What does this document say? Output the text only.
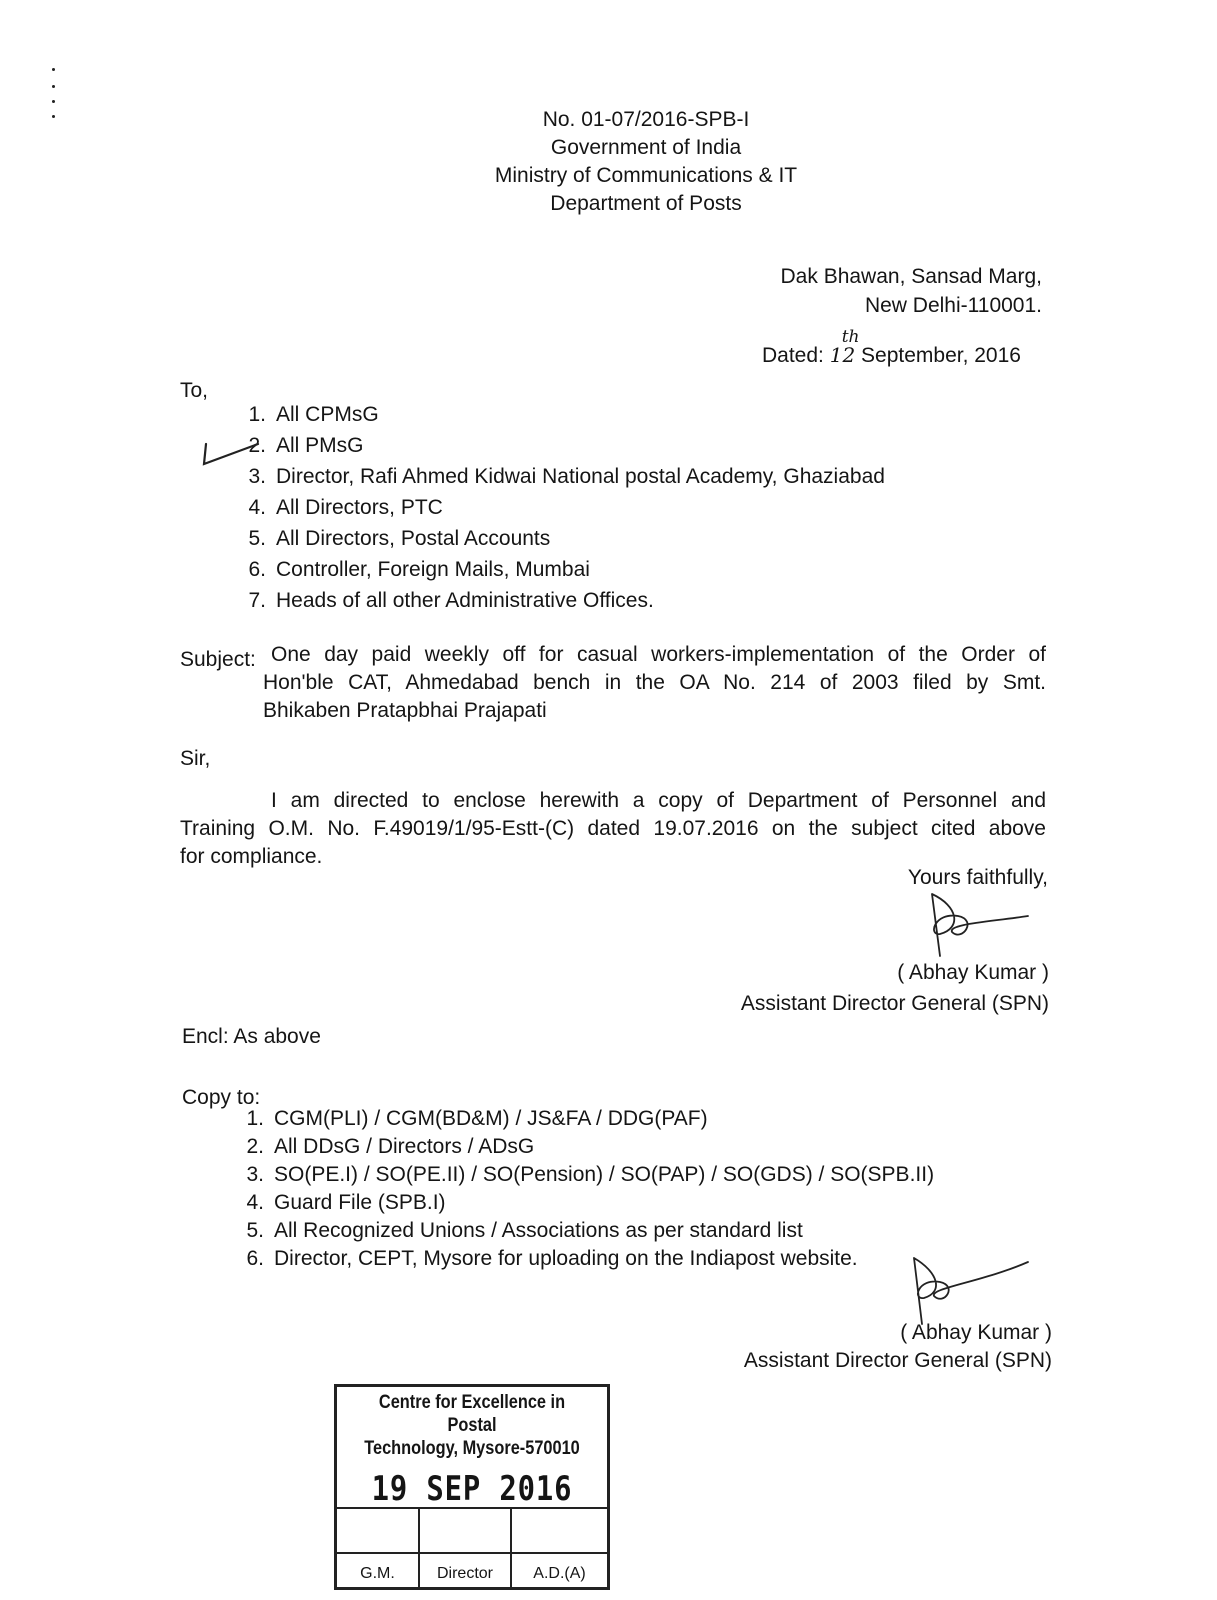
No. 01-07/2016-SPB-I
Government of India
Ministry of Communications & IT
Department of Posts
Dak Bhawan, Sansad Marg,
New Delhi-110001.
Dated: 12
th
September, 2016
To,
1. All CPMsG
2. All PMsG
3. Director, Rafi Ahmed Kidwai National postal Academy, Ghaziabad
4. All Directors, PTC
5. All Directors, Postal Accounts
6. Controller, Foreign Mails, Mumbai
7. Heads of all other Administrative Offices.
Subject: One day paid weekly off for casual workers-implementation of the Order of
Hon'ble CAT, Ahmedabad bench in the OA No. 214 of 2003 filed by Smt.
Bhikaben Pratapbhai Prajapati
Sir,
I am directed to enclose herewith a copy of Department of Personnel and
Training O.M. No. F.49019/1/95-Estt-(C) dated 19.07.2016 on the subject cited above
for compliance.
Yours faithfully,
( Abhay Kumar )
Assistant Director General (SPN)
Encl: As above
Copy to:
1. CGM(PLI) / CGM(BD&M) / JS&FA / DDG(PAF)
2. All DDsG / Directors / ADsG
3. SO(PE.I) / SO(PE.II) / SO(Pension) / SO(PAP) / SO(GDS) / SO(SPB.II)
4. Guard File (SPB.I)
5. All Recognized Unions / Associations as per standard list
6. Director, CEPT, Mysore for uploading on the Indiapost website.
( Abhay Kumar )
Assistant Director General (SPN)
Centre for Excellence in Postal
Technology, Mysore-570010
19 SEP 2016
G.M.	Director	A.D.(A)
